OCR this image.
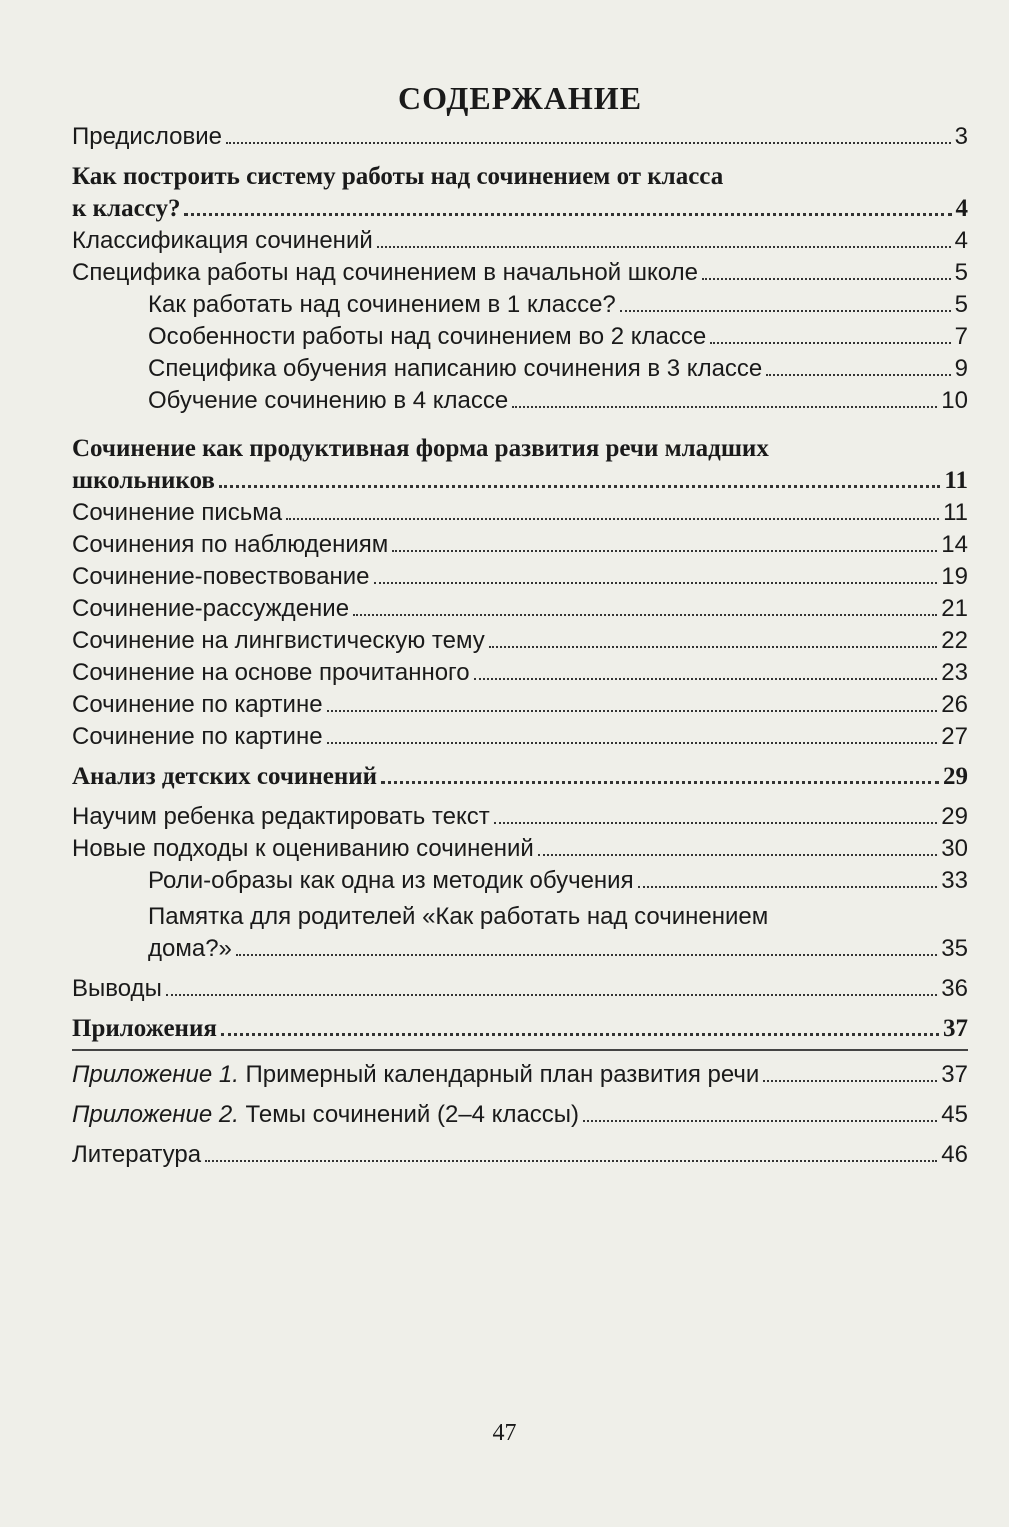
СОДЕРЖАНИЕ
Предисловие	3
Как построить систему работы над сочинением от класса
к классу?	4
Классификация сочинений	4
Специфика работы над сочинением в начальной школе	5
Как работать над сочинением в 1 классе?	5
Особенности работы над сочинением во 2 классе	7
Специфика обучения написанию сочинения в 3 классе	9
Обучение сочинению в 4 классе	10
Сочинение как продуктивная форма развития речи младших
школьников	11
Сочинение письма	11
Сочинения по наблюдениям	14
Сочинение-повествование	19
Сочинение-рассуждение	21
Сочинение на лингвистическую тему	22
Сочинение на основе прочитанного	23
Сочинение по картине	26
Сочинение по картине	27
Анализ детских сочинений	29
Научим ребенка редактировать текст	29
Новые подходы к оцениванию сочинений	30
Роли-образы как одна из методик обучения	33
Памятка для родителей «Как работать над сочинением
дома?»	35
Выводы	36
Приложения	37
Приложение 1. Примерный календарный план развития речи	37
Приложение 2. Темы сочинений (2–4 классы)	45
Литература	46
47
